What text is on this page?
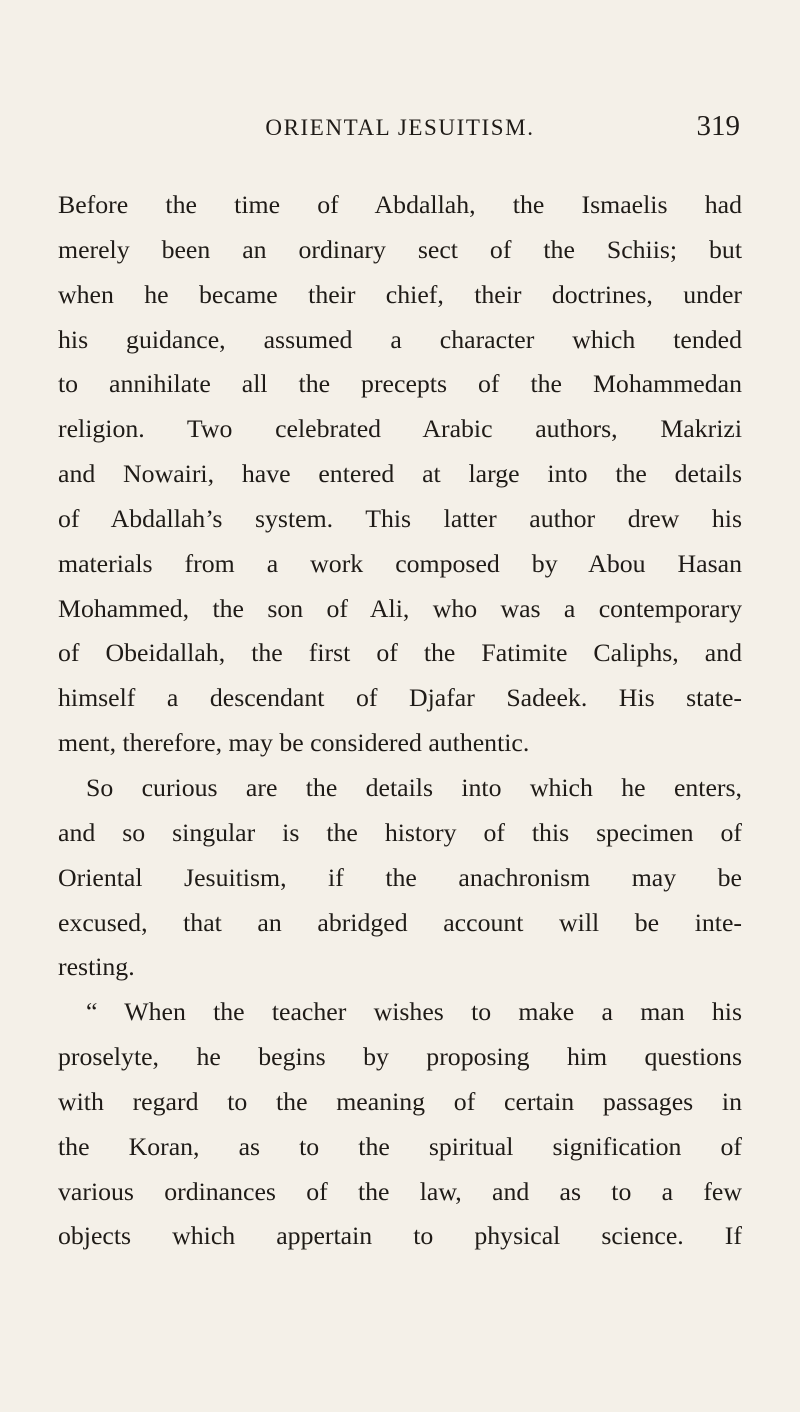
ORIENTAL JESUITISM.	319
Before the time of Abdallah, the Ismaelis had
merely been an ordinary sect of the Schiis; but
when he became their chief, their doctrines, under
his guidance, assumed a character which tended
to annihilate all the precepts of the Mohammedan
religion. Two celebrated Arabic authors, Makrizi
and Nowairi, have entered at large into the details
of Abdallah’s system. This latter author drew his
materials from a work composed by Abou Hasan
Mohammed, the son of Ali, who was a contemporary
of Obeidallah, the first of the Fatimite Caliphs, and
himself a descendant of Djafar Sadeek. His state-
ment, therefore, may be considered authentic.
So curious are the details into which he enters,
and so singular is the history of this specimen of
Oriental Jesuitism, if the anachronism may be
excused, that an abridged account will be inte-
resting.
“ When the teacher wishes to make a man his
proselyte, he begins by proposing him questions
with regard to the meaning of certain passages in
the Koran, as to the spiritual signification of
various ordinances of the law, and as to a few
objects which appertain to physical science. If
